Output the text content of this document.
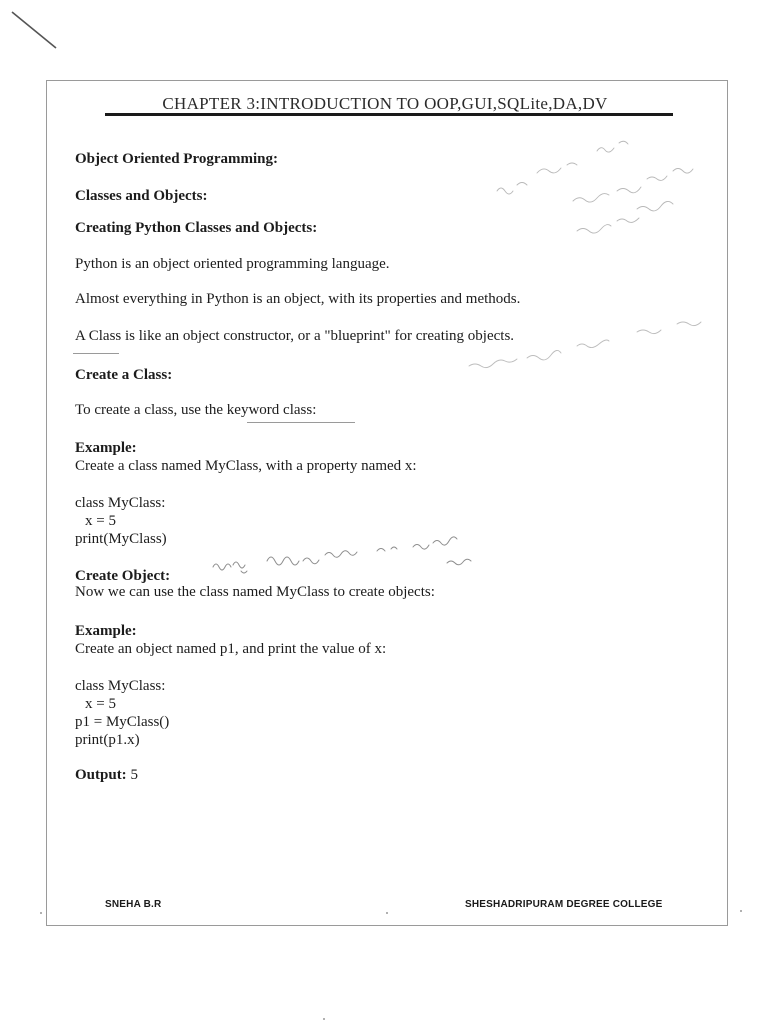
CHAPTER 3:INTRODUCTION TO OOP,GUI,SQLite,DA,DV
Object Oriented Programming:
Classes and Objects:
Creating Python Classes and Objects:
Python is an object oriented programming language.
Almost everything in Python is an object, with its properties and methods.
A Class is like an object constructor, or a "blueprint" for creating objects.
Create a Class:
To create a class, use the keyword class:
Example:
Create a class named MyClass, with a property named x:
class MyClass:
x = 5
print(MyClass)
Create Object:
Now we can use the class named MyClass to create objects:
Example:
Create an object named p1, and print the value of x:
class MyClass:
x = 5
p1 = MyClass()
print(p1.x)
Output: 5
SNEHA B.R	SHESHADRIPURAM DEGREE COLLEGE
